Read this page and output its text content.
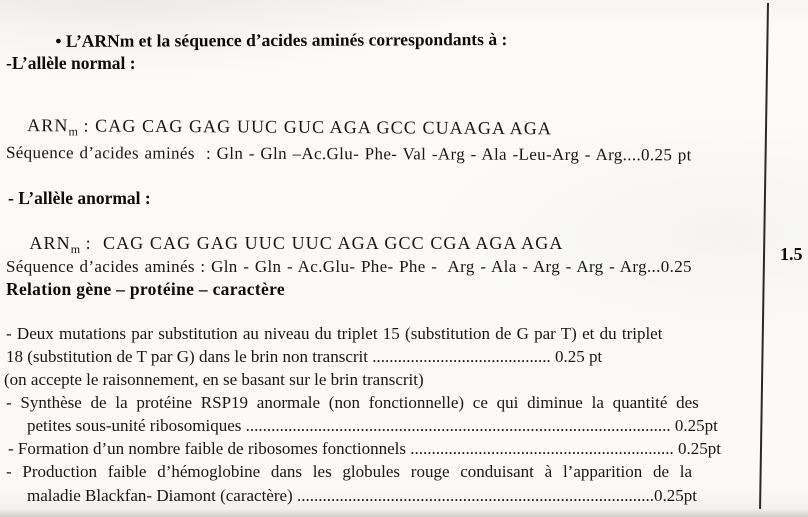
• L’ARNm et la séquence d’acides aminés correspondants à :

-L’allèle normal :

$ARN_m$ : CAG CAG GAG UUC GUC AGA GCC CUAAGA AGA

Séquence d’acides aminés  : Gln - Gln –Ac.Glu- Phe- Val -Arg - Ala -Leu-Arg - Arg....0.25 pt
- L’allèle anormal :

$ARN_m$ :  CAG CAG GAG UUC UUC AGA GCC CGA AGA AGA

Séquence d’acides aminés : Gln - Gln - Ac.Glu- Phe- Phe -  Arg - Ala - Arg - Arg - Arg...0.25
Relation gène – protéine – caractère
- Deux mutations par substitution au niveau du triplet 15 (substitution de G par T) et du triplet
18 (substitution de T par G) dans le brin non transcrit .......................................... 0.25 pt
(on accepte le raisonnement, en se basant sur le brin transcrit)
- Synthèse de la protéine RSP19 anormale (non fonctionnelle) ce qui diminue la quantité des
petites sous-unité ribosomiques .................................................................................................... 0.25pt
- Formation d’un nombre faible de ribosomes fonctionnels .............................................................. 0.25pt
- Production faible d’hémoglobine dans les globules rouge conduisant à l’apparition de la
maladie Blackfan- Diamont (caractère) ....................................................................................0.25pt
1.5
